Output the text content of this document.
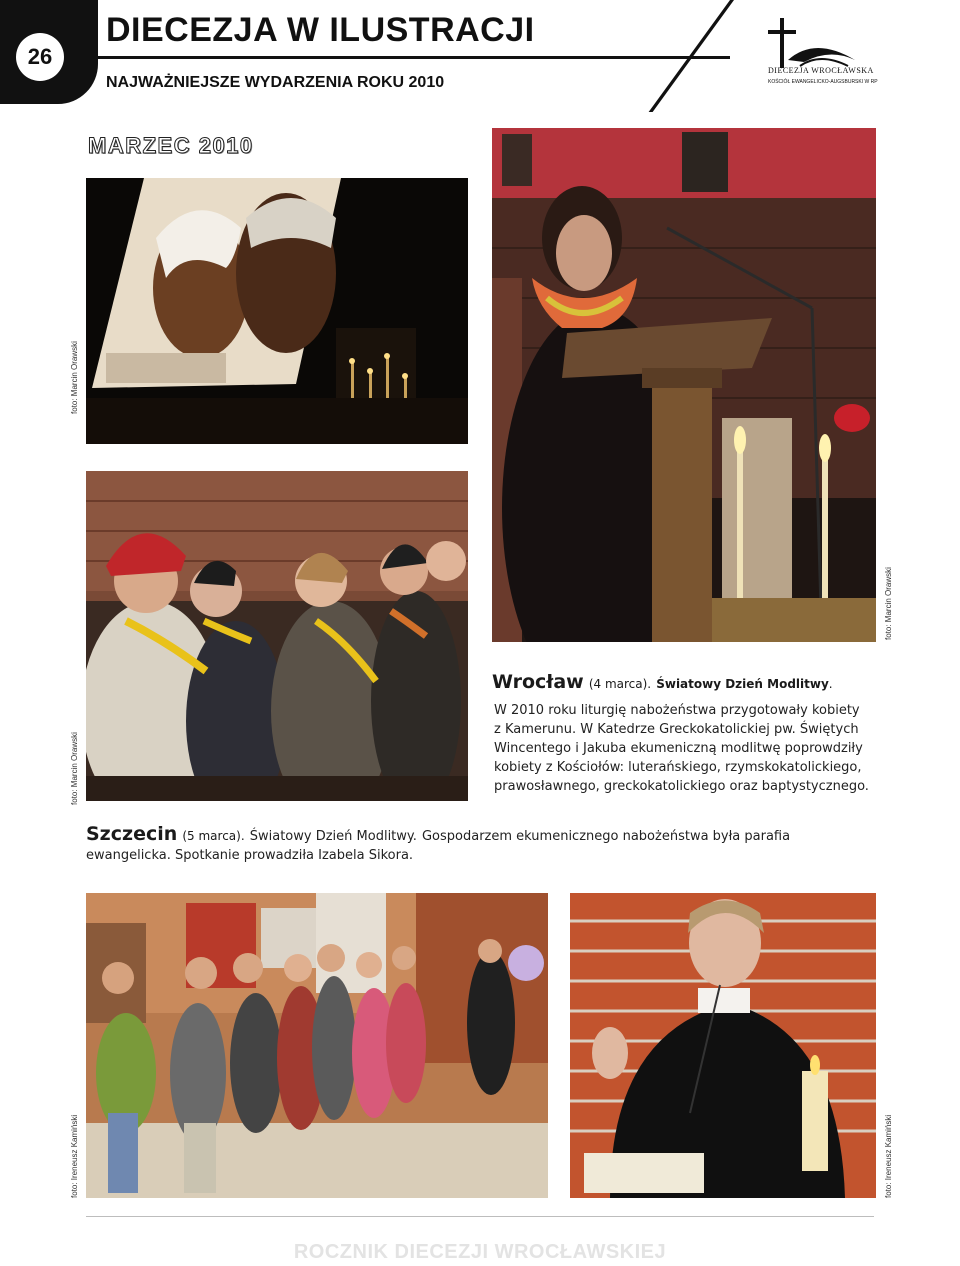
26
DIECEZJA W ILUSTRACJI
NAJWAŻNIEJSZE WYDARZENIA ROKU 2010
DIECEZJA WROCŁAWSKA
KOŚCIÓŁ EWANGELICKO-AUGSBURSKI W RP
MARZEC 2010
foto: Marcin Orawski
foto: Marcin Orawski
foto: Marcin Orawski
Wrocław (4 marca). Światowy Dzień Modlitwy.
W 2010 roku liturgię nabożeństwa przygotowały kobiety
z Kamerunu. W Katedrze Greckokatolickiej pw. Świętych
Wincentego i Jakuba ekumeniczną modlitwę poprowdziły
kobiety z Kościołów: luterańskiego, rzymskokatolickiego,
prawosławnego, greckokatolickiego oraz baptystycznego.
Szczecin (5 marca). Światowy Dzień Modlitwy. Gospodarzem ekumenicznego nabożeństwa była parafia
ewangelicka. Spotkanie prowadziła Izabela Sikora.
foto: Ireneusz Kamiński	foto: Ireneusz Kamiński
ROCZNIK DIECEZJI WROCŁAWSKIEJ
